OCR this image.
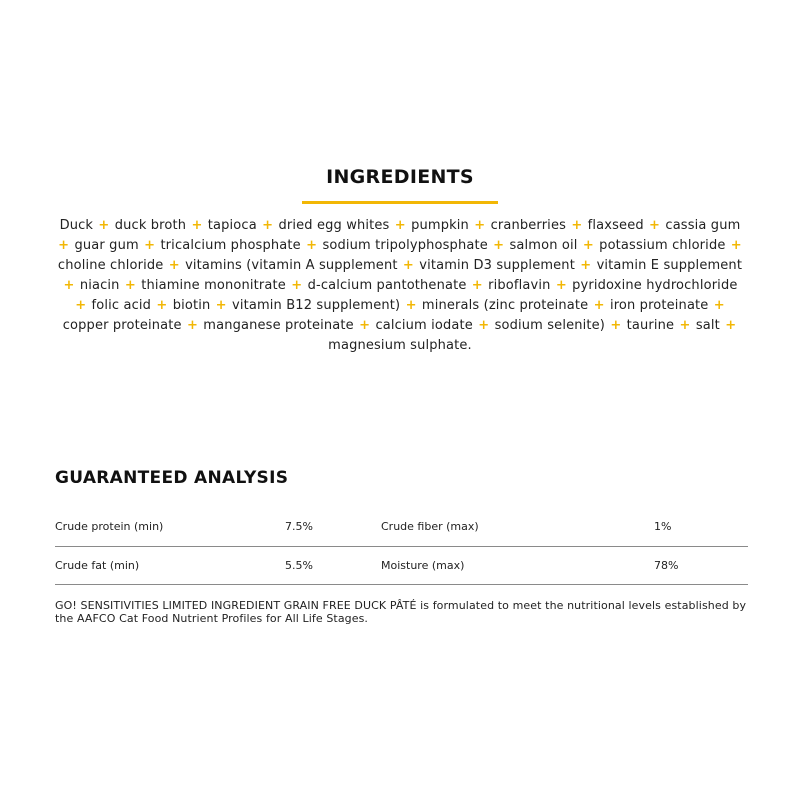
INGREDIENTS

Duck + duck broth + tapioca + dried egg whites + pumpkin + cranberries + flaxseed + cassia gum + guar gum + tricalcium phosphate + sodium tripolyphosphate + salmon oil + potassium chloride + choline chloride + vitamins (vitamin A supplement + vitamin D3 supplement + vitamin E supplement + niacin + thiamine mononitrate + d-calcium pantothenate + riboflavin + pyridoxine hydrochloride + folic acid + biotin + vitamin B12 supplement) + minerals (zinc proteinate + iron proteinate + copper proteinate + manganese proteinate + calcium iodate + sodium selenite) + taurine + salt + magnesium sulphate.

GUARANTEED ANALYSIS
Crude protein (min)	7.5%		Crude fiber (max)	1%
Crude fat (min)	5.5%		Moisture (max)	78%

GO! SENSITIVITIES LIMITED INGREDIENT GRAIN FREE DUCK PÂTÉ is formulated to meet the nutritional levels established by the AAFCO Cat Food Nutrient Profiles for All Life Stages.
